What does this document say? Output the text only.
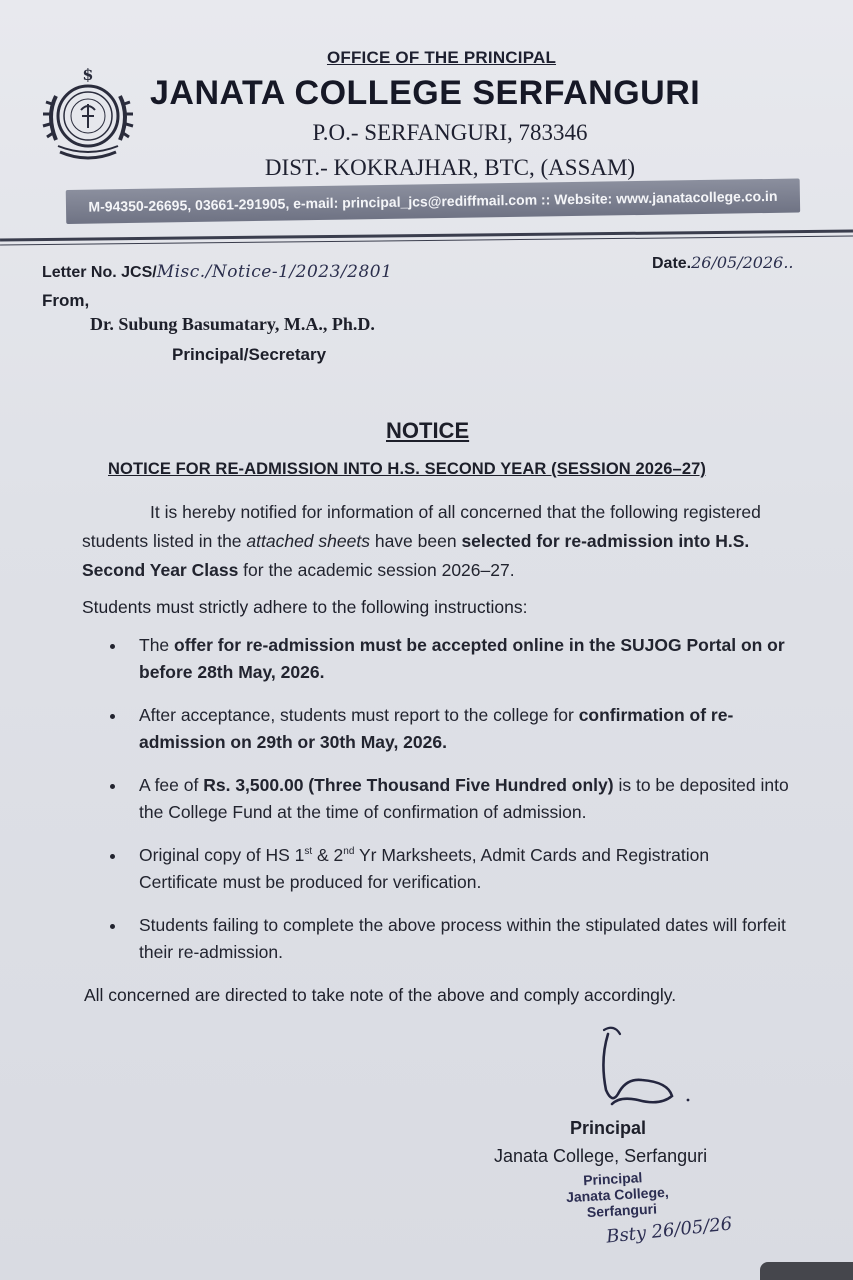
$
OFFICE OF THE PRINCIPAL
JANATA COLLEGE SERFANGURI
P.O.- SERFANGURI, 783346
DIST.- KOKRAJHAR, BTC, (ASSAM)
M-94350-26695, 03661-291905, e-mail: principal_jcs@rediffmail.com :: Website: www.janatacollege.co.in
Letter No. JCS/Misc./Notice-1/2023/2801	Date.26/05/2026..
From,
Dr. Subung Basumatary, M.A., Ph.D.
Principal/Secretary
NOTICE
NOTICE FOR RE-ADMISSION INTO H.S. SECOND YEAR (SESSION 2026–27)
It is hereby notified for information of all concerned that the following registered students listed in the attached sheets have been selected for re-admission into H.S. Second Year Class for the academic session 2026–27.
Students must strictly adhere to the following instructions:
The offer for re-admission must be accepted online in the SUJOG Portal on or before 28th May, 2026.
After acceptance, students must report to the college for confirmation of re-admission on 29th or 30th May, 2026.
A fee of Rs. 3,500.00 (Three Thousand Five Hundred only) is to be deposited into the College Fund at the time of confirmation of admission.
Original copy of HS 1st & 2nd Yr Marksheets, Admit Cards and Registration Certificate must be produced for verification.
Students failing to complete the above process within the stipulated dates will forfeit their re-admission.
All concerned are directed to take note of the above and comply accordingly.
Principal
Janata College, Serfanguri
Principal
Janata College,
Serfanguri
Bsty 26/05/26
